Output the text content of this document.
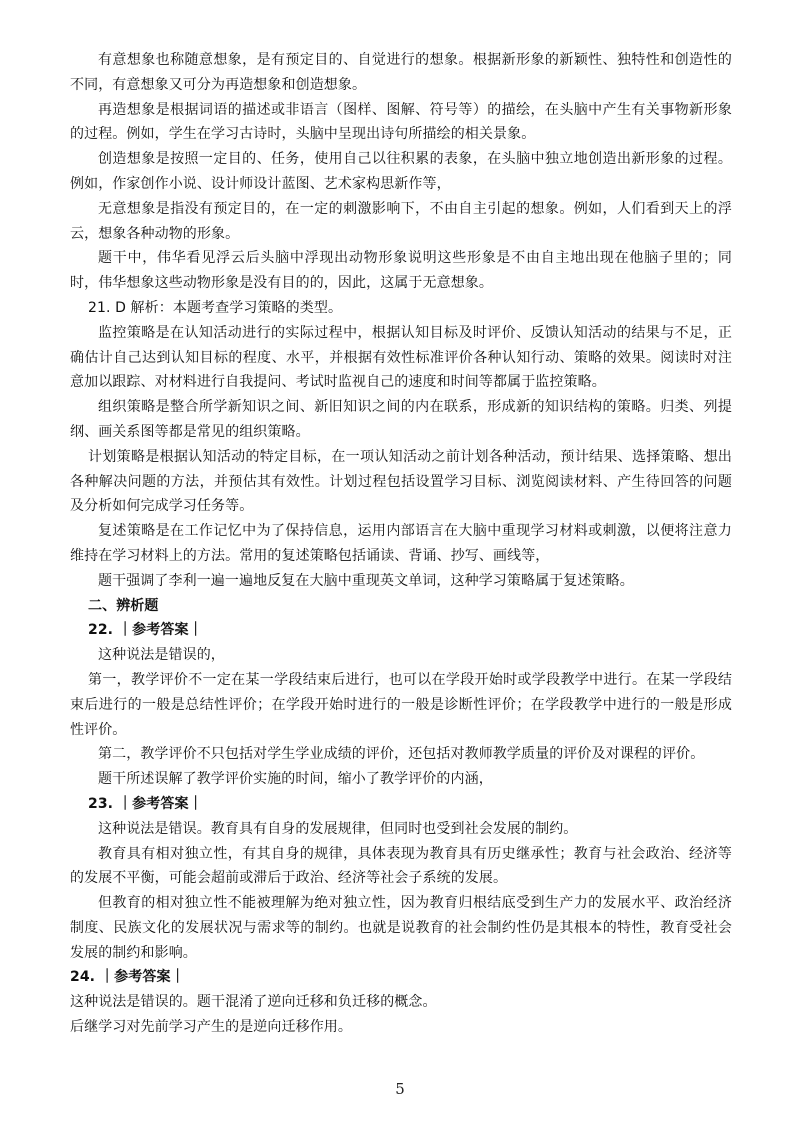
有意想象也称随意想象，是有预定目的、自觉进行的想象。根据新形象的新颖性、独特性和创造性的不同，有意想象又可分为再造想象和创造想象。

再造想象是根据词语的描述或非语言（图样、图解、符号等）的描绘，在头脑中产生有关事物新形象的过程。例如，学生在学习古诗时，头脑中呈现出诗句所描绘的相关景象。

创造想象是按照一定目的、任务，使用自己以往积累的表象，在头脑中独立地创造出新形象的过程。例如，作家创作小说、设计师设计蓝图、艺术家构思新作等，

无意想象是指没有预定目的，在一定的刺激影响下，不由自主引起的想象。例如，人们看到天上的浮云，想象各种动物的形象。

题干中，伟华看见浮云后头脑中浮现出动物形象说明这些形象是不由自主地出现在他脑子里的；同时，伟华想象这些动物形象是没有目的的，因此，这属于无意想象。

21. D 解析：本题考查学习策略的类型。

监控策略是在认知活动进行的实际过程中，根据认知目标及时评价、反馈认知活动的结果与不足，正确估计自己达到认知目标的程度、水平，并根据有效性标准评价各种认知行动、策略的效果。阅读时对注意加以跟踪、对材料进行自我提问、考试时监视自己的速度和时间等都属于监控策略。

组织策略是整合所学新知识之间、新旧知识之间的内在联系，形成新的知识结构的策略。归类、列提纲、画关系图等都是常见的组织策略。

计划策略是根据认知活动的特定目标，在一项认知活动之前计划各种活动，预计结果、选择策略、想出各种解决问题的方法，并预估其有效性。计划过程包括设置学习目标、浏览阅读材料、产生待回答的问题及分析如何完成学习任务等。

复述策略是在工作记忆中为了保持信息，运用内部语言在大脑中重现学习材料或刺激，以便将注意力维持在学习材料上的方法。常用的复述策略包括诵读、背诵、抄写、画线等，

题干强调了李利一遍一遍地反复在大脑中重现英文单词，这种学习策略属于复述策略。

二、辨析题

22. ｜参考答案｜

这种说法是错误的，

第一，教学评价不一定在某一学段结束后进行，也可以在学段开始时或学段教学中进行。在某一学段结束后进行的一般是总结性评价；在学段开始时进行的一般是诊断性评价；在学段教学中进行的一般是形成性评价。

第二，教学评价不只包括对学生学业成绩的评价，还包括对教师教学质量的评价及对课程的评价。

题干所述误解了教学评价实施的时间，缩小了教学评价的内涵，

23. ｜参考答案｜

这种说法是错误。教育具有自身的发展规律，但同时也受到社会发展的制约。

教育具有相对独立性，有其自身的规律，具体表现为教育具有历史继承性；教育与社会政治、经济等的发展不平衡，可能会超前或滞后于政治、经济等社会子系统的发展。

但教育的相对独立性不能被理解为绝对独立性，因为教育归根结底受到生产力的发展水平、政治经济制度、民族文化的发展状况与需求等的制约。也就是说教育的社会制约性仍是其根本的特性，教育受社会发展的制约和影响。

24. ｜参考答案｜

这种说法是错误的。题干混淆了逆向迁移和负迁移的概念。

后继学习对先前学习产生的是逆向迁移作用。

5
